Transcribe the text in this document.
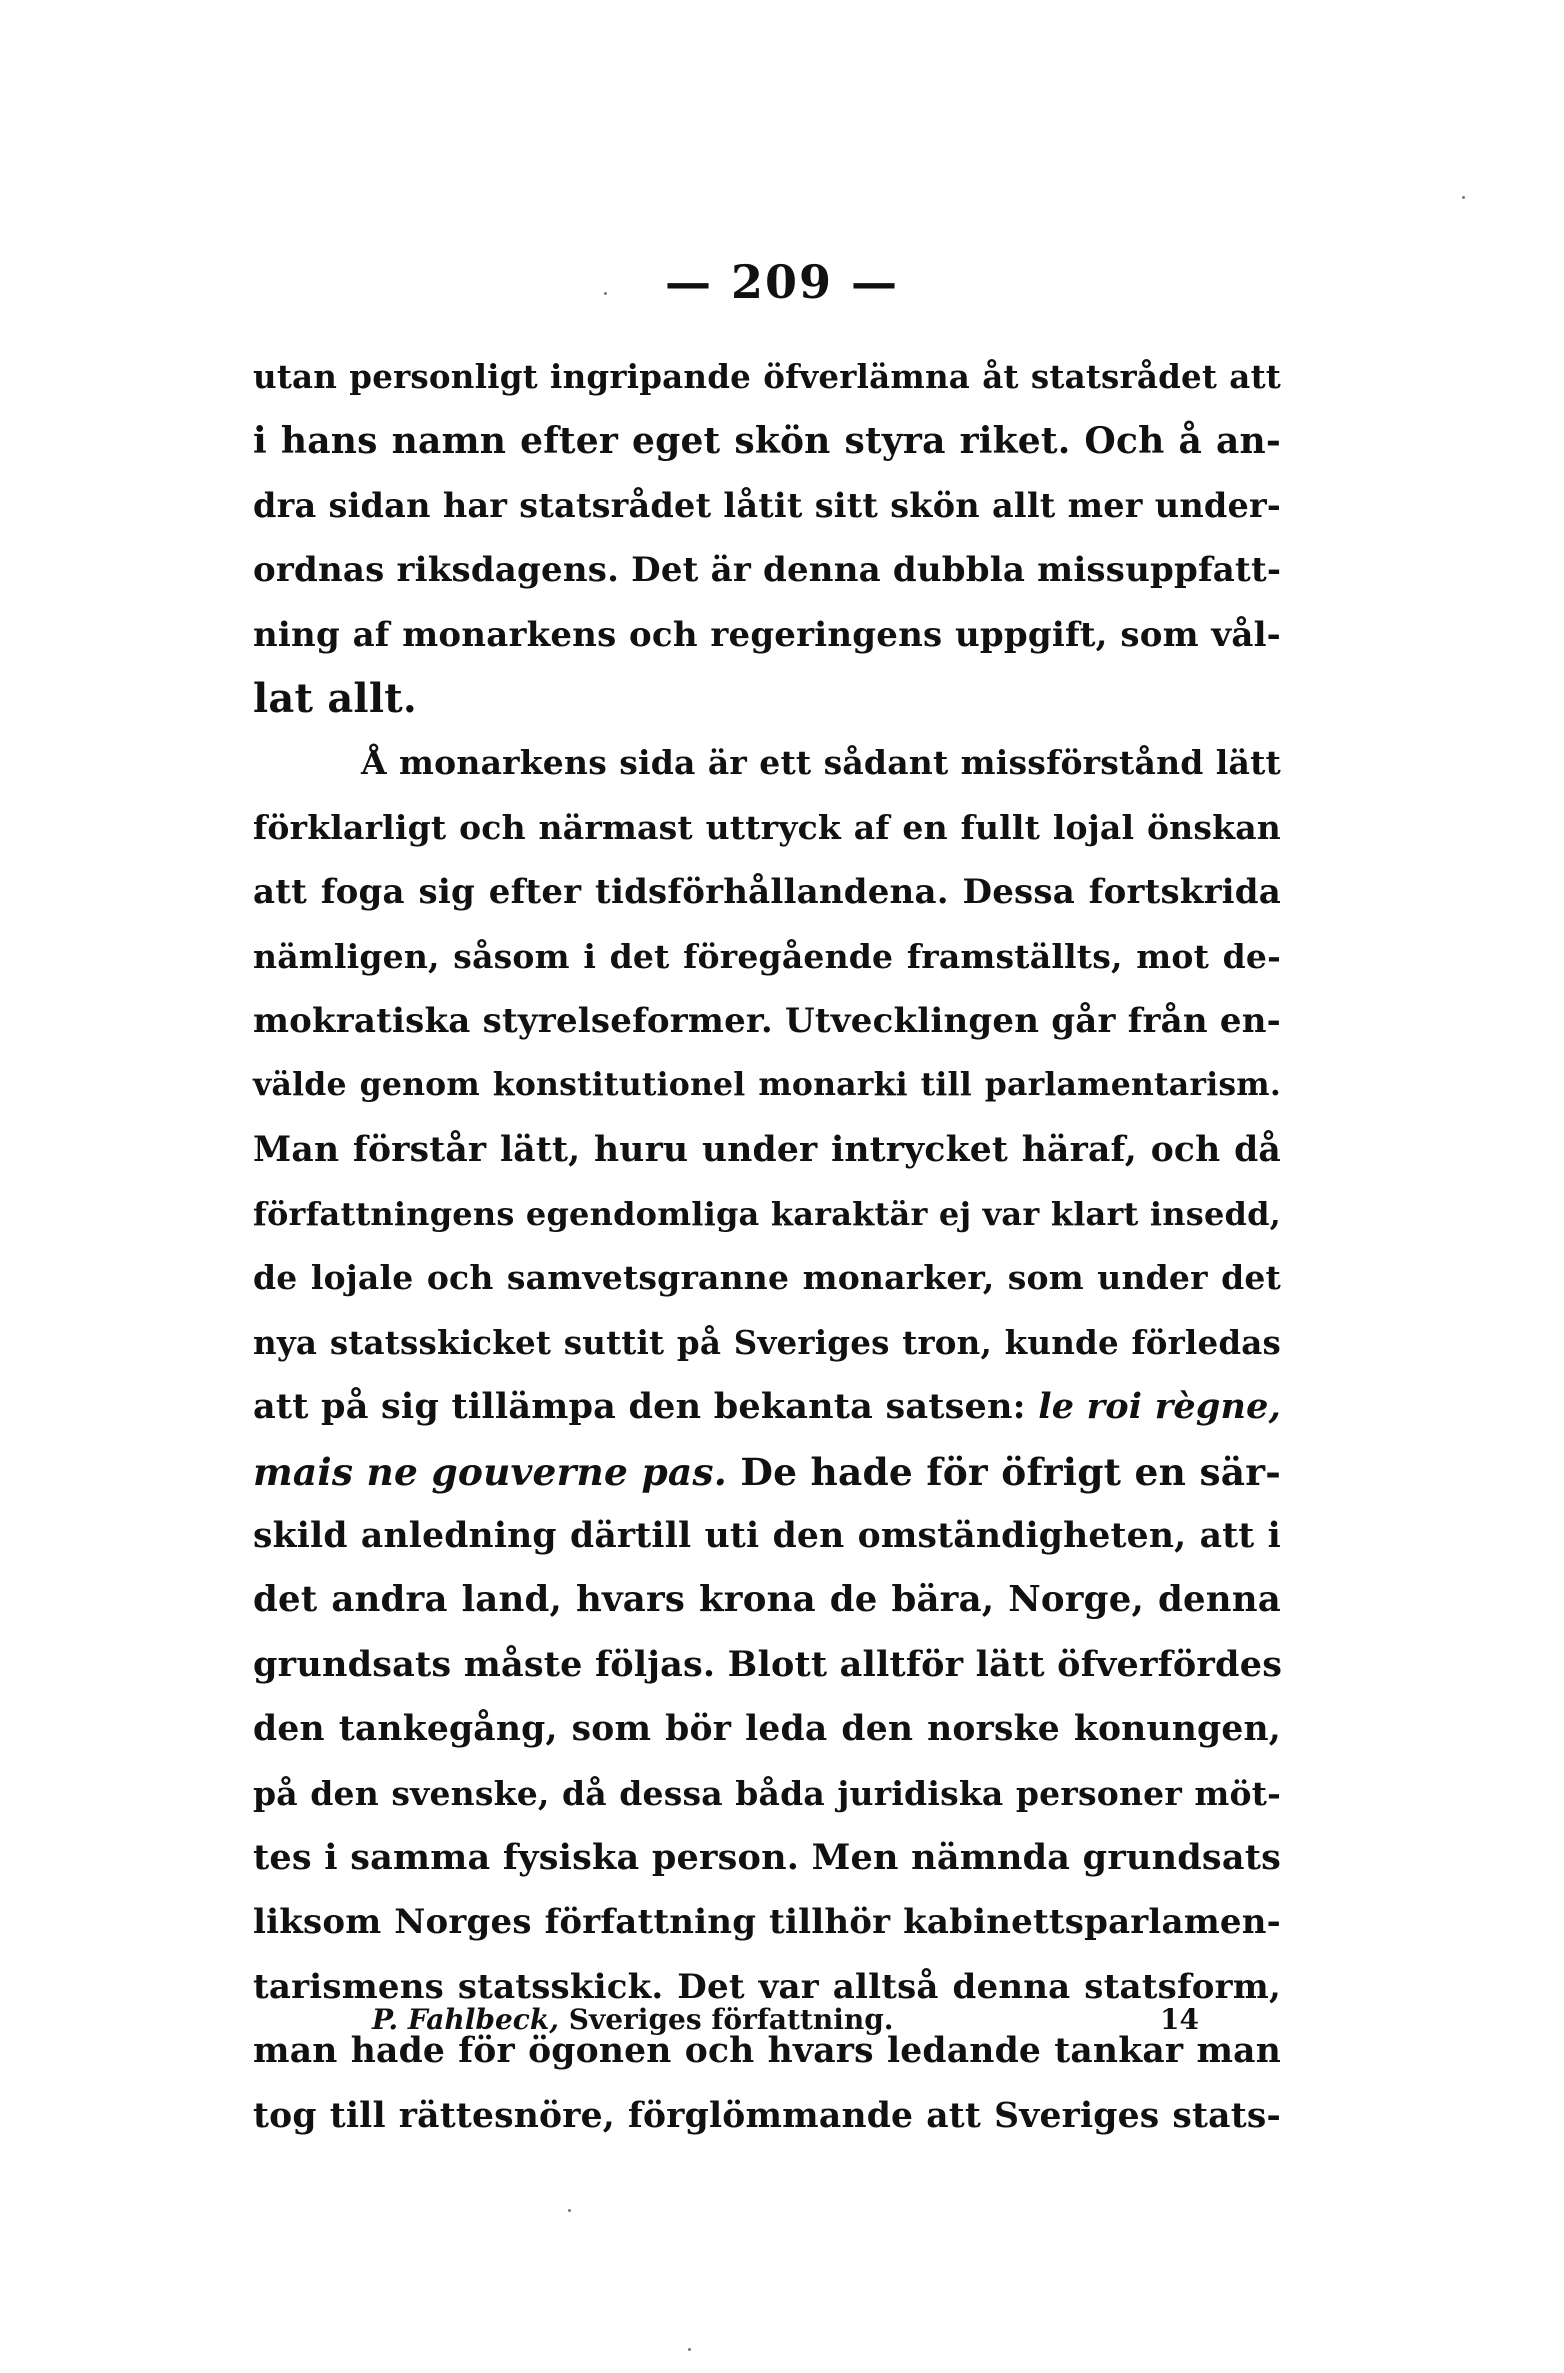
— 209 —
utan personligt ingripande öfverlämna åt statsrådet att
i hans namn efter eget skön styra riket. Och å an-
dra sidan har statsrådet låtit sitt skön allt mer under-
ordnas riksdagens. Det är denna dubbla missuppfatt-
ning af monarkens och regeringens uppgift, som vål-
lat allt.
Å monarkens sida är ett sådant missförstånd lätt
förklarligt och närmast uttryck af en fullt lojal önskan
att foga sig efter tidsförhållandena. Dessa fortskrida
nämligen, såsom i det föregående framställts, mot de-
mokratiska styrelseformer. Utvecklingen går från en-
välde genom konstitutionel monarki till parlamentarism.
Man förstår lätt, huru under intrycket häraf, och då
författningens egendomliga karaktär ej var klart insedd,
de lojale och samvetsgranne monarker, som under det
nya statsskicket suttit på Sveriges tron, kunde förledas
att på sig tillämpa den bekanta satsen: le roi règne,
mais ne gouverne pas. De hade för öfrigt en sär-
skild anledning därtill uti den omständigheten, att i
det andra land, hvars krona de bära, Norge, denna
grundsats måste följas. Blott alltför lätt öfverfördes
den tankegång, som bör leda den norske konungen,
på den svenske, då dessa båda juridiska personer möt-
tes i samma fysiska person. Men nämnda grundsats
liksom Norges författning tillhör kabinettsparlamen-
tarismens statsskick. Det var alltså denna statsform,
man hade för ögonen och hvars ledande tankar man
tog till rättesnöre, förglömmande att Sveriges stats-
P. Fahlbeck, Sveriges författning.	14
